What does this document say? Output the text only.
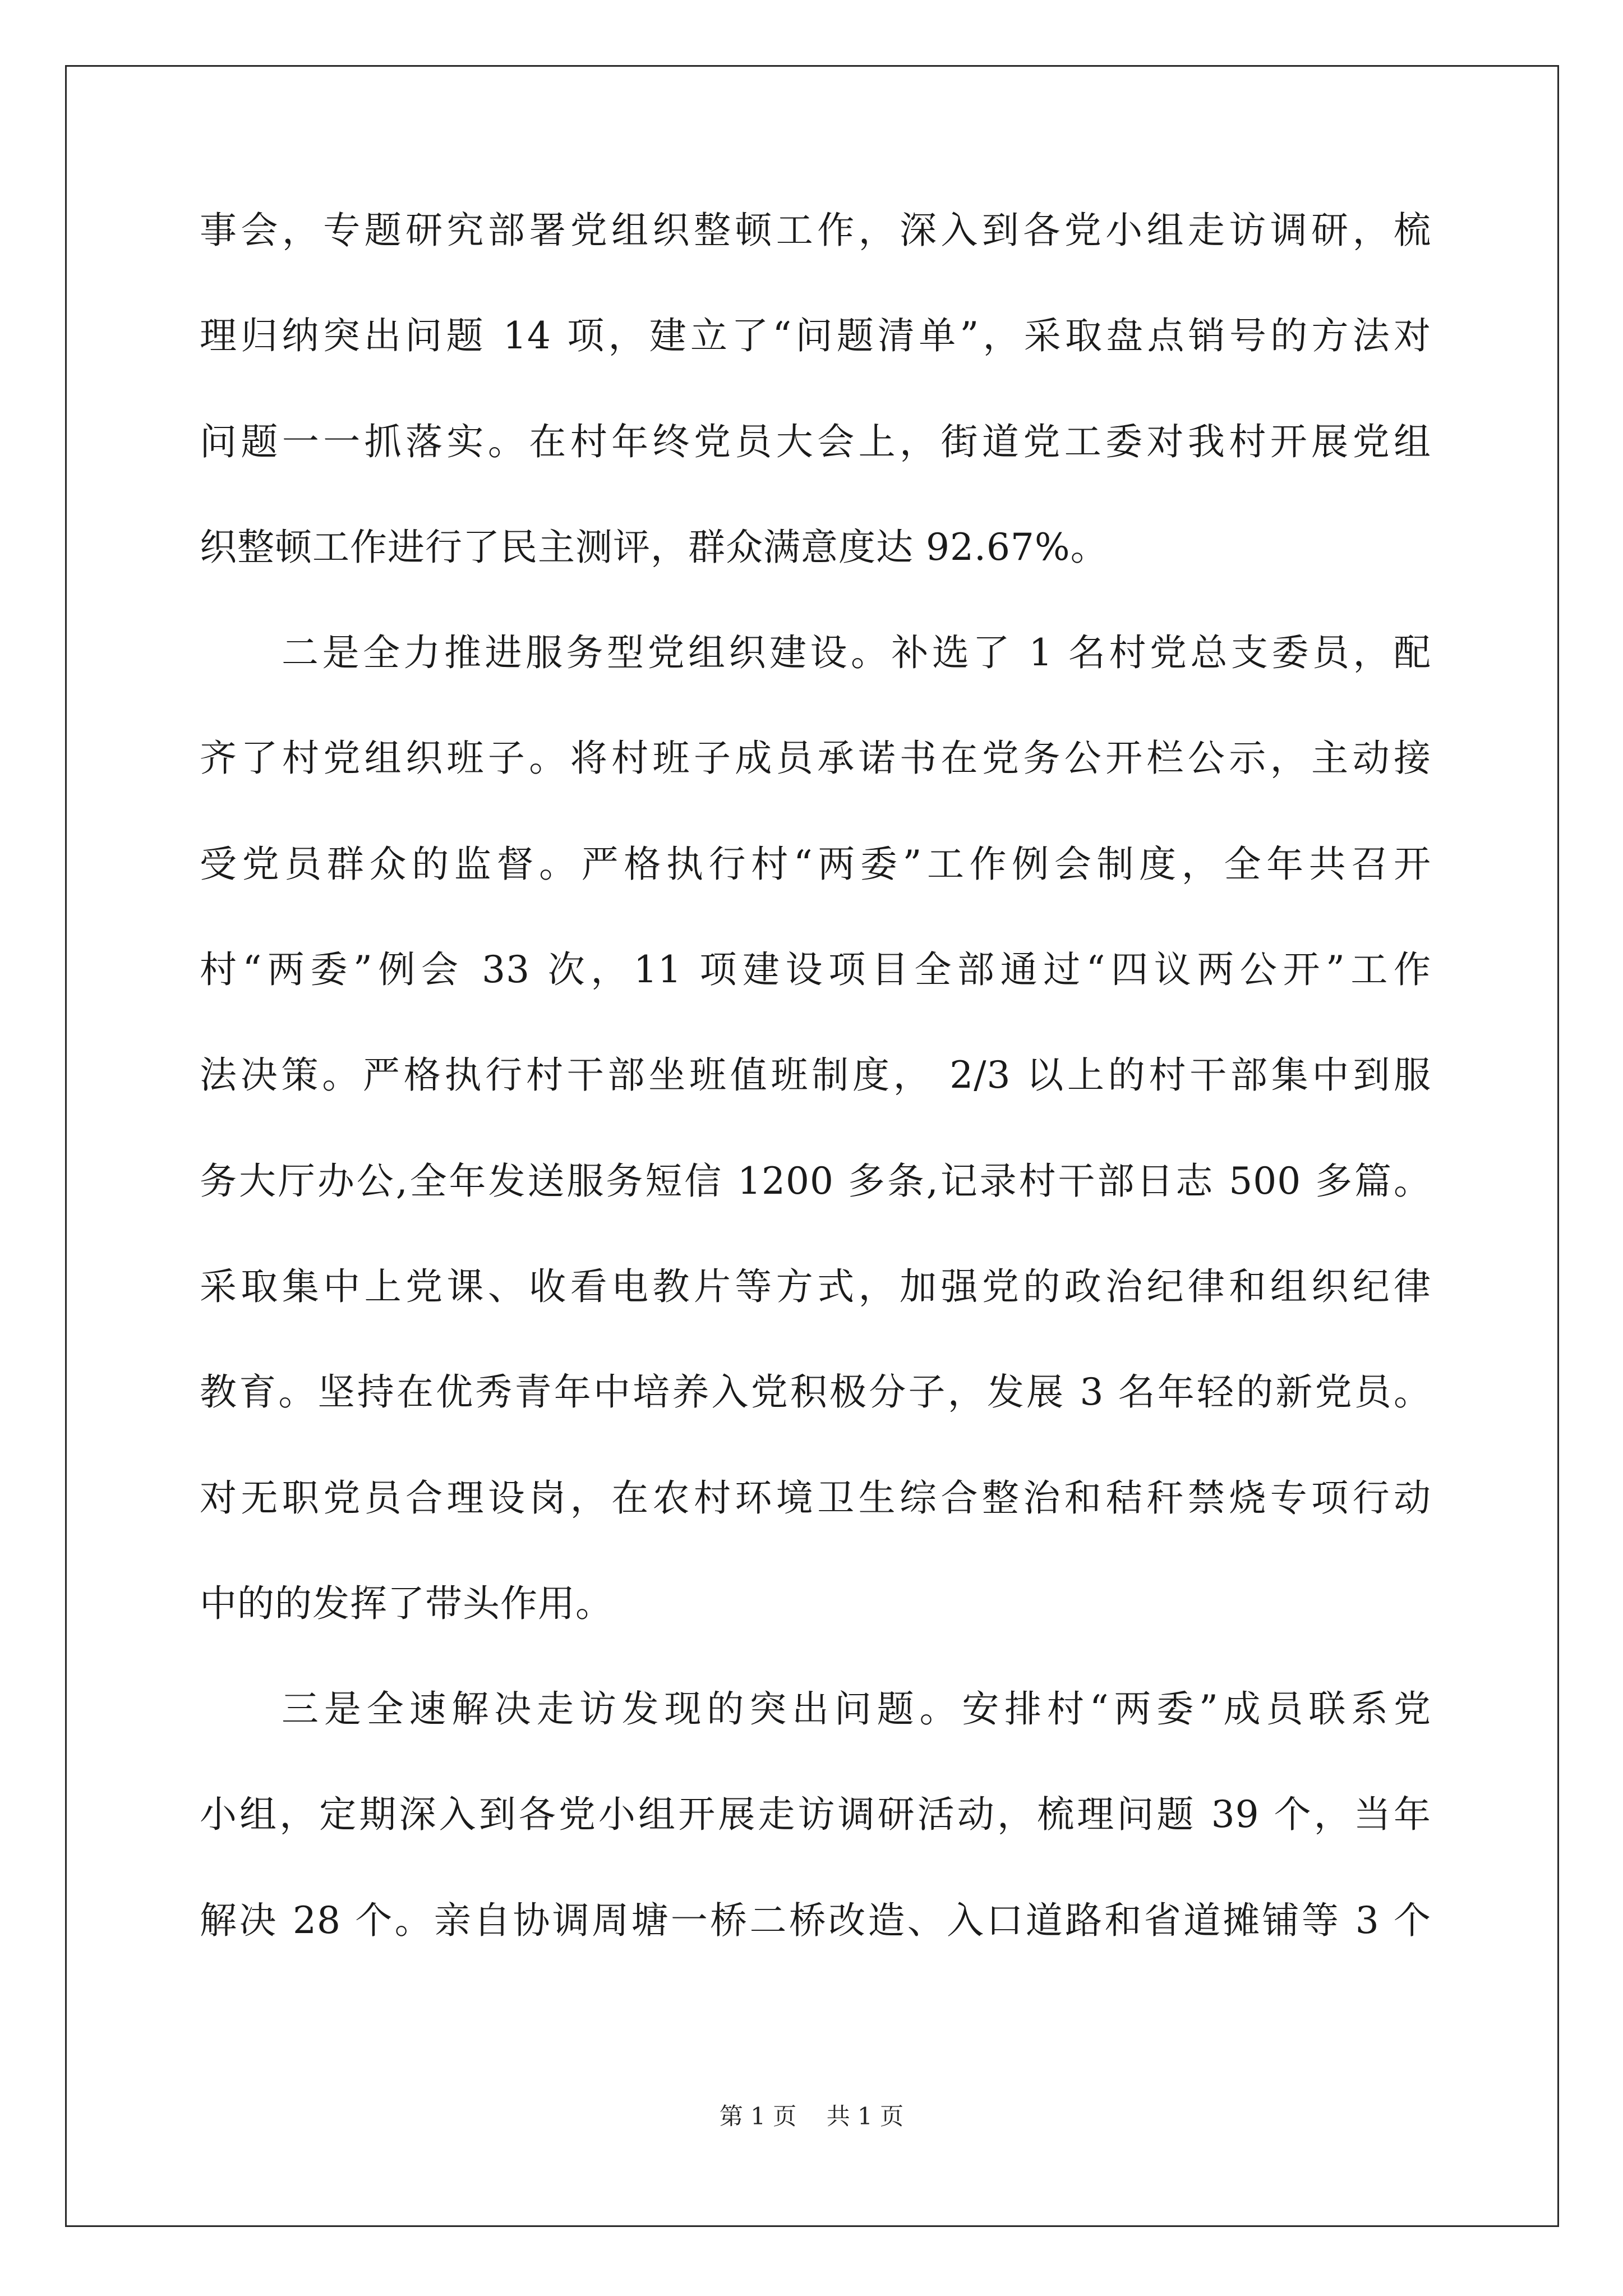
事会，专题研究部署党组织整顿工作，深入到各党小组走访调研，梳
理归纳突出问题 14 项，建立了“问题清单”，采取盘点销号的方法对
问题一一抓落实。在村年终党员大会上，街道党工委对我村开展党组
织整顿工作进行了民主测评，群众满意度达 92.67%。
二是全力推进服务型党组织建设。补选了 1 名村党总支委员，配
齐了村党组织班子。将村班子成员承诺书在党务公开栏公示，主动接
受党员群众的监督。严格执行村“两委”工作例会制度，全年共召开
村“两委”例会 33 次，11 项建设项目全部通过“四议两公开”工作
法决策。严格执行村干部坐班值班制度， 2/3 以上的村干部集中到服
务大厅办公,全年发送服务短信 1200 多条,记录村干部日志 500 多篇。
采取集中上党课、收看电教片等方式，加强党的政治纪律和组织纪律
教育。坚持在优秀青年中培养入党积极分子，发展 3 名年轻的新党员。
对无职党员合理设岗，在农村环境卫生综合整治和秸秆禁烧专项行动
中的的发挥了带头作用。
三是全速解决走访发现的突出问题。安排村“两委”成员联系党
小组，定期深入到各党小组开展走访调研活动，梳理问题 39 个，当年
解决 28 个。亲自协调周塘一桥二桥改造、入口道路和省道摊铺等 3 个
第 1 页 共 1 页
